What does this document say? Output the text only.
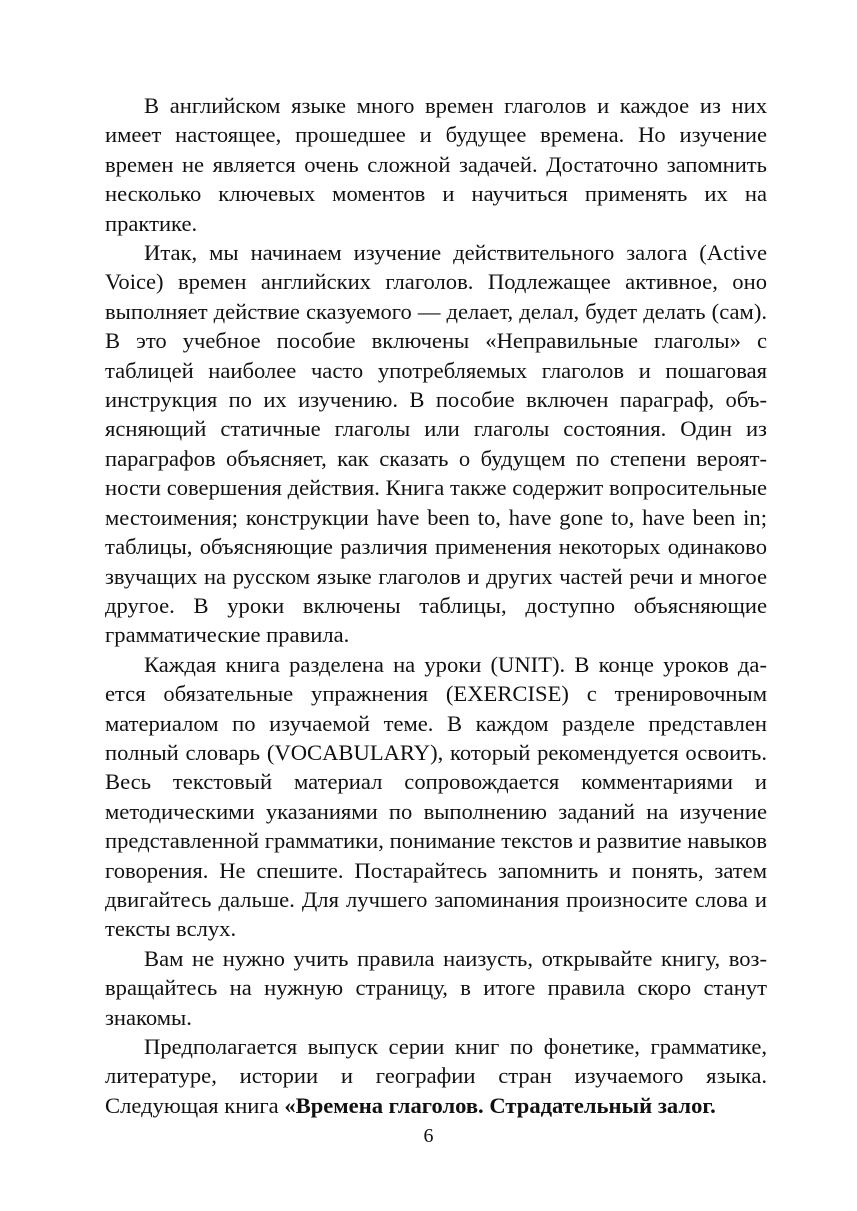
В английском языке много времен глаголов и каждое из них имеет настоящее, прошедшее и будущее времена. Но изучение времен не является очень сложной задачей. Достаточно запомнить несколько ключевых моментов и научиться применять их на практике.

Итак, мы начинаем изучение действительного залога (Active Voice) времен английских глаголов. Подлежащее активное, оно выполняет действие сказуемого — делает, делал, будет делать (сам). В это учебное пособие включены «Неправильные глаголы» с таблицей наиболее часто употребляемых глаголов и пошаговая инструкция по их изучению. В пособие включен параграф, объясняющий статичные глаголы или глаголы состояния. Один из параграфов объясняет, как сказать о будущем по степени вероятности совершения действия. Книга также содержит вопросительные местоимения; конструкции have been to, have gone to, have been in; таблицы, объясняющие различия применения некоторых одинаково звучащих на русском языке глаголов и других частей речи и многое другое. В уроки включены таблицы, доступно объясняющие грамматические правила.

Каждая книга разделена на уроки (UNIT). В конце уроков дается обязательные упражнения (EXERCISE) с тренировочным материалом по изучаемой теме. В каждом разделе представлен полный словарь (VOCABULARY), который рекомендуется освоить. Весь текстовый материал сопровождается комментариями и методическими указаниями по выполнению заданий на изучение представленной грамматики, понимание текстов и развитие навыков говорения. Не спешите. Постарайтесь запомнить и понять, затем двигайтесь дальше. Для лучшего запоминания произносите слова и тексты вслух.

Вам не нужно учить правила наизусть, открывайте книгу, возвращайтесь на нужную страницу, в итоге правила скоро станут знакомы.

Предполагается выпуск серии книг по фонетике, грамматике, литературе, истории и географии стран изучаемого языка. Следующая книга «Времена глаголов. Страдательный залог.

6
